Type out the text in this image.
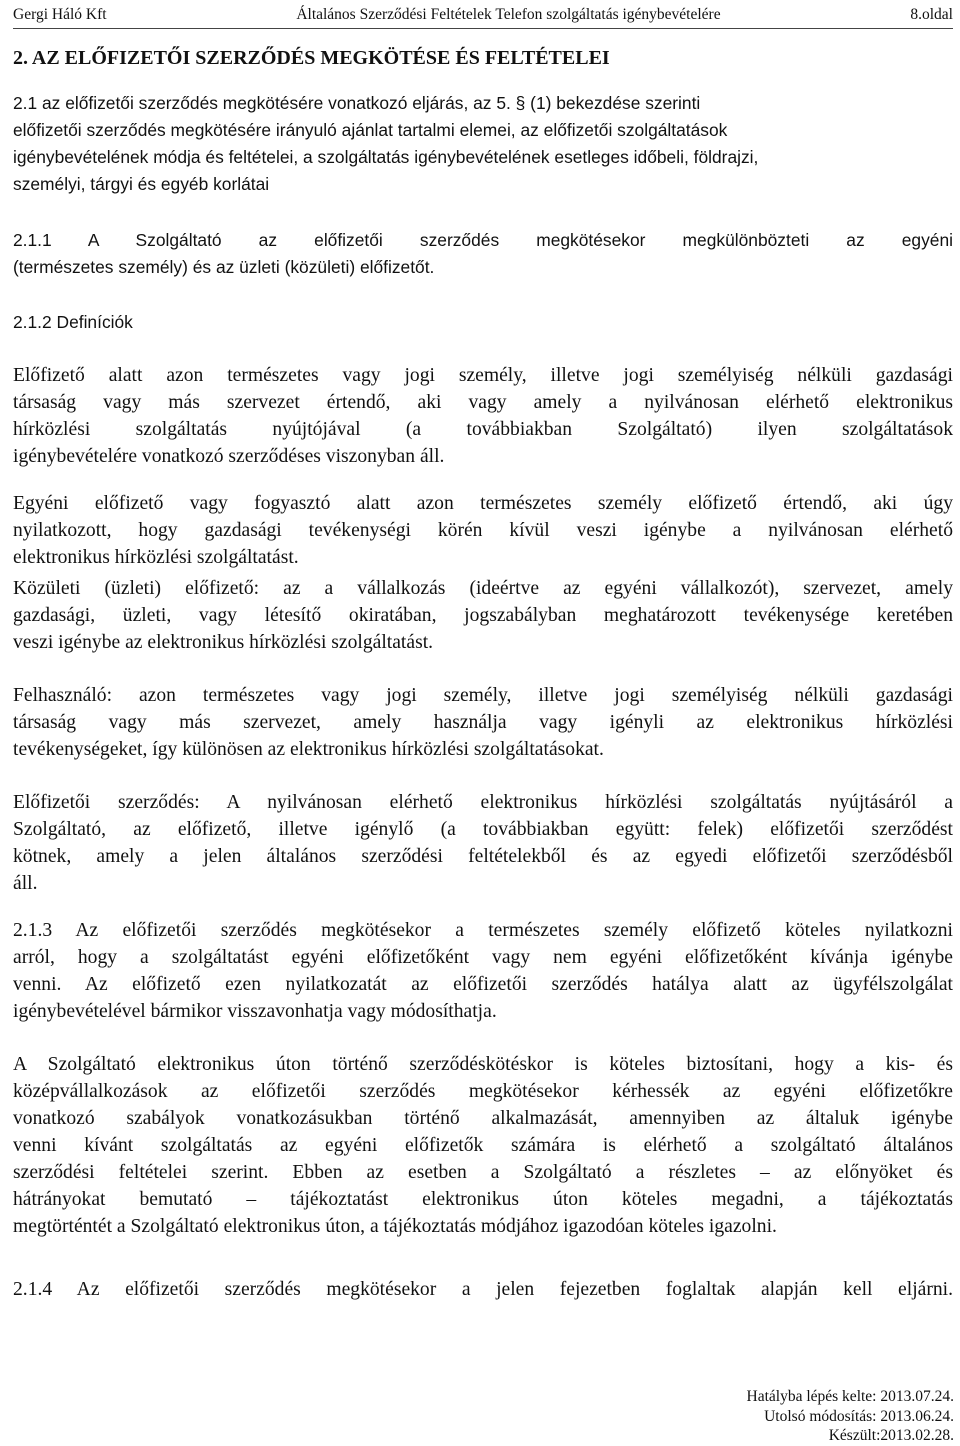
Gergi Háló Kft	Általános Szerződési Feltételek Telefon szolgáltatás igénybevételére	8.oldal
2. AZ ELŐFIZETŐI SZERZŐDÉS MEGKÖTÉSE ÉS FELTÉTELEI

2.1 az előfizetői szerződés megkötésére vonatkozó eljárás, az 5. § (1) bekezdése szerinti
előfizetői szerződés megkötésére irányuló ajánlat tartalmi elemei, az előfizetői szolgáltatások
igénybevételének módja és feltételei, a szolgáltatás igénybevételének esetleges időbeli, földrajzi,
személyi, tárgyi és egyéb korlátai

2.1.1 A Szolgáltató az előfizetői szerződés megkötésekor megkülönbözteti az egyéni
(természetes személy) és az üzleti (közületi) előfizetőt.

2.1.2 Definíciók

Előfizető alatt azon természetes vagy jogi személy, illetve jogi személyiség nélküli gazdasági
társaság vagy más szervezet értendő, aki vagy amely a nyilvánosan elérhető elektronikus
hírközlési szolgáltatás nyújtójával (a továbbiakban Szolgáltató) ilyen szolgáltatások
igénybevételére vonatkozó szerződéses viszonyban áll.

Egyéni előfizető vagy fogyasztó alatt azon természetes személy előfizető értendő, aki úgy
nyilatkozott, hogy gazdasági tevékenységi körén kívül veszi igénybe a nyilvánosan elérhető
elektronikus hírközlési szolgáltatást.

Közületi (üzleti) előfizető: az a vállalkozás (ideértve az egyéni vállalkozót), szervezet, amely
gazdasági, üzleti, vagy létesítő okiratában, jogszabályban meghatározott tevékenysége keretében
veszi igénybe az elektronikus hírközlési szolgáltatást.

Felhasználó: azon természetes vagy jogi személy, illetve jogi személyiség nélküli gazdasági
társaság vagy más szervezet, amely használja vagy igényli az elektronikus hírközlési
tevékenységeket, így különösen az elektronikus hírközlési szolgáltatásokat.

Előfizetői szerződés: A nyilvánosan elérhető elektronikus hírközlési szolgáltatás nyújtásáról a
Szolgáltató, az előfizető, illetve igénylő (a továbbiakban együtt: felek) előfizetői szerződést
kötnek, amely a jelen általános szerződési feltételekből és az egyedi előfizetői szerződésből
áll.

2.1.3 Az előfizetői szerződés megkötésekor a természetes személy előfizető köteles nyilatkozni
arról, hogy a szolgáltatást egyéni előfizetőként vagy nem egyéni előfizetőként kívánja igénybe
venni. Az előfizető ezen nyilatkozatát az előfizetői szerződés hatálya alatt az ügyfélszolgálat
igénybevételével bármikor visszavonhatja vagy módosíthatja.

A Szolgáltató elektronikus úton történő szerződéskötéskor is köteles biztosítani, hogy a kis- és
középvállalkozások az előfizetői szerződés megkötésekor kérhessék az egyéni előfizetőkre
vonatkozó szabályok vonatkozásukban történő alkalmazását, amennyiben az általuk igénybe
venni kívánt szolgáltatás az egyéni előfizetők számára is elérhető a szolgáltató általános
szerződési feltételei szerint. Ebben az esetben a Szolgáltató a részletes – az előnyöket és
hátrányokat bemutató – tájékoztatást elektronikus úton köteles megadni, a tájékoztatás
megtörténtét a Szolgáltató elektronikus úton, a tájékoztatás módjához igazodóan köteles igazolni.

2.1.4 Az előfizetői szerződés megkötésekor a jelen fejezetben foglaltak alapján kell eljárni.

Hatályba lépés kelte: 2013.07.24.
Utolsó módosítás: 2013.06.24.
Készült:2013.02.28.
